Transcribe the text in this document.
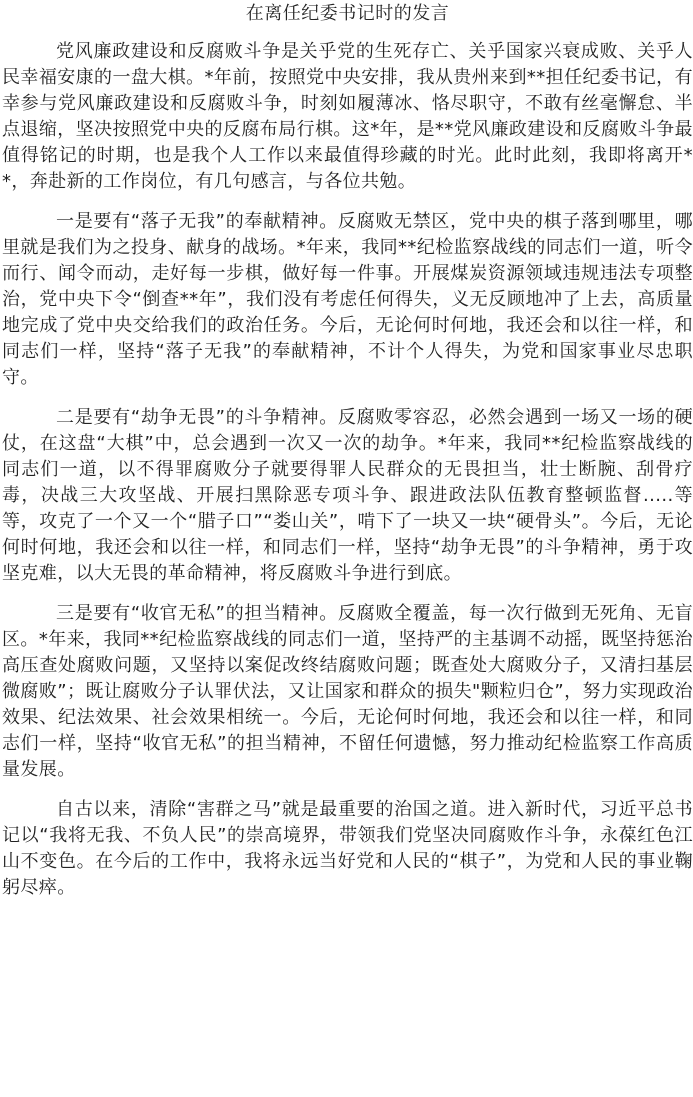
在离任纪委书记时的发言

党风廉政建设和反腐败斗争是关乎党的生死存亡、关乎国家兴衰成败、关乎人民幸福安康的一盘大棋。*年前，按照党中央安排，我从贵州来到**担任纪委书记，有幸参与党风廉政建设和反腐败斗争，时刻如履薄冰、恪尽职守，不敢有丝毫懈怠、半点退缩，坚决按照党中央的反腐布局行棋。这*年，是**党风廉政建设和反腐败斗争最值得铭记的时期，也是我个人工作以来最值得珍藏的时光。此时此刻，我即将离开**，奔赴新的工作岗位，有几句感言，与各位共勉。

一是要有“落子无我”的奉献精神。反腐败无禁区，党中央的棋子落到哪里，哪里就是我们为之投身、献身的战场。*年来，我同**纪检监察战线的同志们一道，听令而行、闻令而动，走好每一步棋，做好每一件事。开展煤炭资源领域违规违法专项整治，党中央下令“倒查**年”，我们没有考虑任何得失，义无反顾地冲了上去，高质量地完成了党中央交给我们的政治任务。今后，无论何时何地，我还会和以往一样，和同志们一样，坚持“落子无我”的奉献精神，不计个人得失，为党和国家事业尽忠职守。

二是要有“劫争无畏”的斗争精神。反腐败零容忍，必然会遇到一场又一场的硬仗，在这盘“大棋”中，总会遇到一次又一次的劫争。*年来，我同**纪检监察战线的同志们一道，以不得罪腐败分子就要得罪人民群众的无畏担当，壮士断腕、刮骨疗毒，决战三大攻坚战、开展扫黑除恶专项斗争、跟进政法队伍教育整顿监督.....等等，攻克了一个又一个“腊子口”“娄山关”，啃下了一块又一块“硬骨头”。今后，无论何时何地，我还会和以往一样，和同志们一样，坚持“劫争无畏”的斗争精神，勇于攻坚克难，以大无畏的革命精神，将反腐败斗争进行到底。

三是要有“收官无私”的担当精神。反腐败全覆盖，每一次行做到无死角、无盲区。*年来，我同**纪检监察战线的同志们一道，坚持严的主基调不动摇，既坚持惩治高压查处腐败问题，又坚持以案促改终结腐败问题；既查处大腐败分子，又清扫基层微腐败”；既让腐败分子认罪伏法，又让国家和群众的损失"颗粒归仓”，努力实现政治效果、纪法效果、社会效果相统一。今后，无论何时何地，我还会和以往一样，和同志们一样，坚持“收官无私”的担当精神，不留任何遗憾，努力推动纪检监察工作高质量发展。

自古以来，清除“害群之马”就是最重要的治国之道。进入新时代，习近平总书记以“我将无我、不负人民”的崇高境界，带领我们党坚决同腐败作斗争，永葆红色江山不变色。在今后的工作中，我将永远当好党和人民的“棋子”，为党和人民的事业鞠躬尽瘁。
